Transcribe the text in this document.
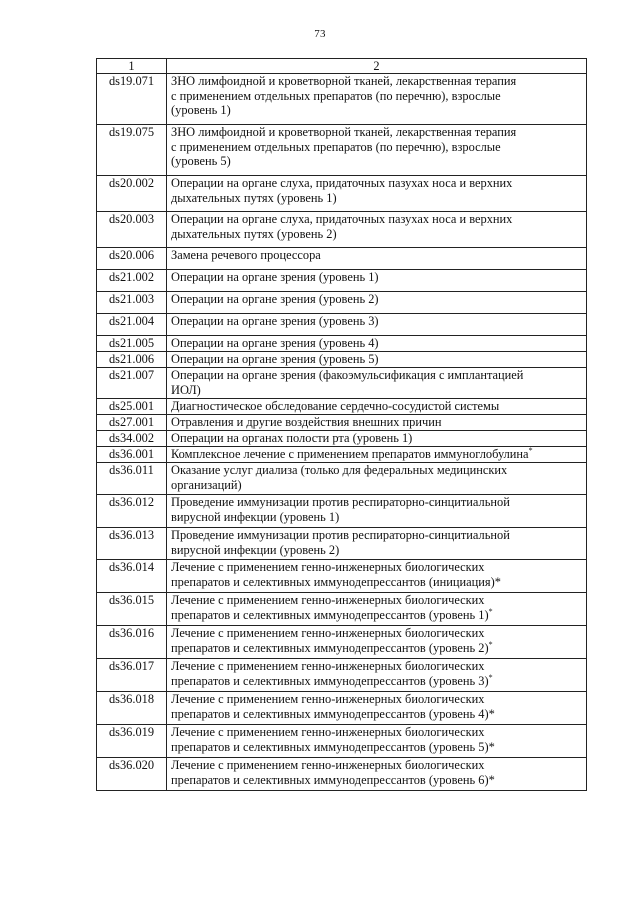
73
1	2
ds19.071	ЗНО лимфоидной и кроветворной тканей, лекарственная терапия
с применением отдельных препаратов (по перечню), взрослые
(уровень 1)
ds19.075	ЗНО лимфоидной и кроветворной тканей, лекарственная терапия
с применением отдельных препаратов (по перечню), взрослые
(уровень 5)
ds20.002	Операции на органе слуха, придаточных пазухах носа и верхних
дыхательных путях (уровень 1)
ds20.003	Операции на органе слуха, придаточных пазухах носа и верхних
дыхательных путях (уровень 2)
ds20.006	Замена речевого процессора
ds21.002	Операции на органе зрения (уровень 1)
ds21.003	Операции на органе зрения (уровень 2)
ds21.004	Операции на органе зрения (уровень 3)
ds21.005	Операции на органе зрения (уровень 4)
ds21.006	Операции на органе зрения (уровень 5)
ds21.007	Операции на органе зрения (факоэмульсификация с имплантацией
ИОЛ)
ds25.001	Диагностическое обследование сердечно-сосудистой системы
ds27.001	Отравления и другие воздействия внешних причин
ds34.002	Операции на органах полости рта (уровень 1)
ds36.001	Комплексное лечение с применением препаратов иммуноглобулина*
ds36.011	Оказание услуг диализа (только для федеральных медицинских
организаций)
ds36.012	Проведение иммунизации против респираторно-синцитиальной
вирусной инфекции (уровень 1)
ds36.013	Проведение иммунизации против респираторно-синцитиальной
вирусной инфекции (уровень 2)
ds36.014	Лечение с применением генно-инженерных биологических
препаратов и селективных иммунодепрессантов (инициация)*
ds36.015	Лечение с применением генно-инженерных биологических
препаратов и селективных иммунодепрессантов (уровень 1)*
ds36.016	Лечение с применением генно-инженерных биологических
препаратов и селективных иммунодепрессантов (уровень 2)*
ds36.017	Лечение с применением генно-инженерных биологических
препаратов и селективных иммунодепрессантов (уровень 3)*
ds36.018	Лечение с применением генно-инженерных биологических
препаратов и селективных иммунодепрессантов (уровень 4)*
ds36.019	Лечение с применением генно-инженерных биологических
препаратов и селективных иммунодепрессантов (уровень 5)*
ds36.020	Лечение с применением генно-инженерных биологических
препаратов и селективных иммунодепрессантов (уровень 6)*
